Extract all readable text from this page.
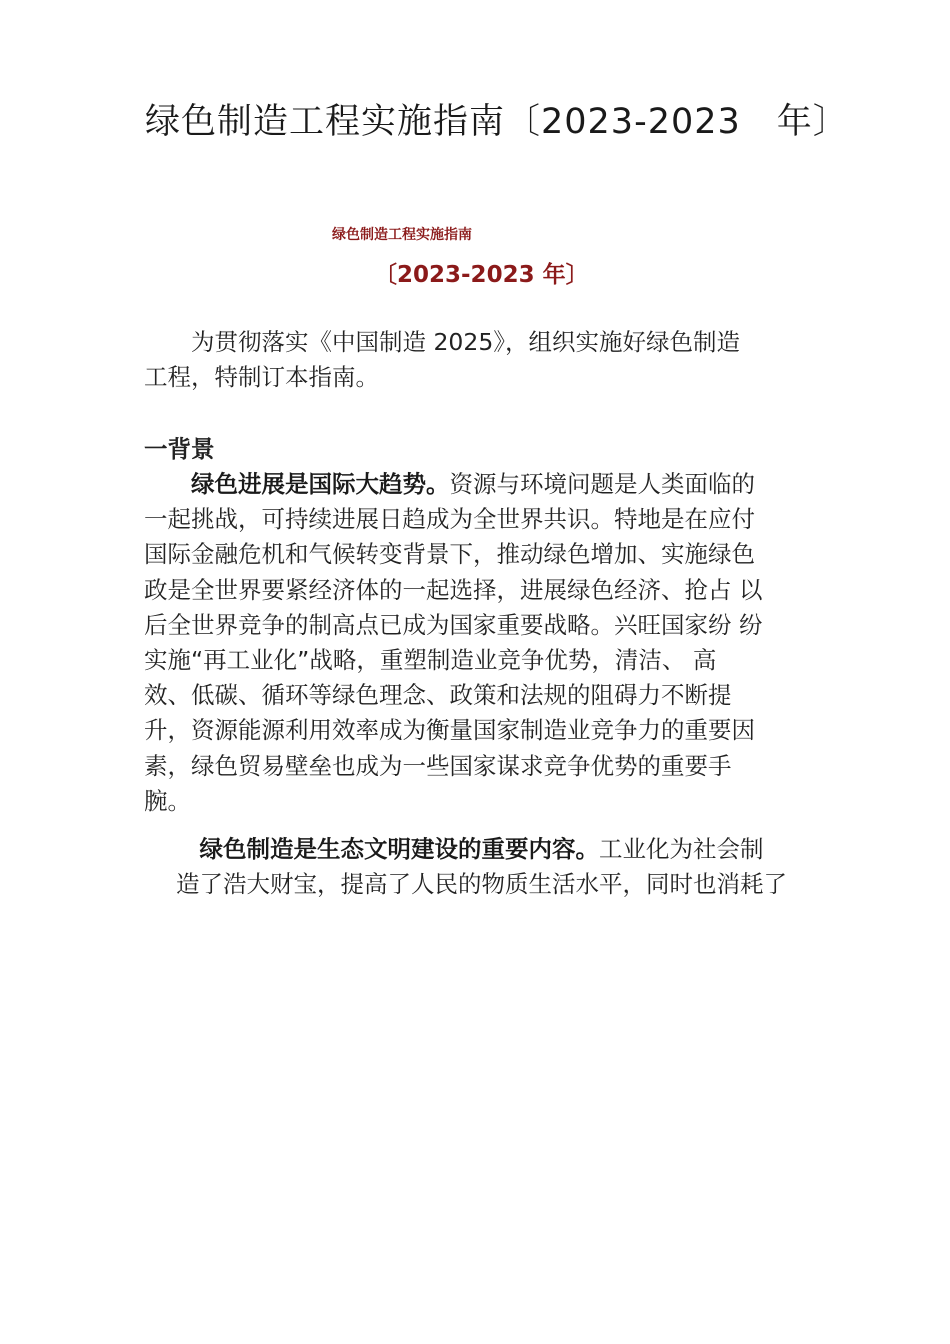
绿色制造工程实施指南〔2023-2023　年〕
绿色制造工程实施指南
〔2023-2023 年〕
　　为贯彻落实《中国制造 2025》，组织实施好绿色制造
工程，特制订本指南。
一背景
　　绿色进展是国际大趋势。资源与环境问题是人类面临的
一起挑战，可持续进展日趋成为全世界共识。特地是在应付
国际金融危机和气候转变背景下，推动绿色增加、实施绿色
政是全世界要紧经济体的一起选择，进展绿色经济、抢占 以
后全世界竞争的制高点已成为国家重要战略。兴旺国家纷 纷
实施“再工业化”战略，重塑制造业竞争优势，清洁、 高
效、低碳、循环等绿色理念、政策和法规的阻碍力不断提
升，资源能源利用效率成为衡量国家制造业竞争力的重要因
素，绿色贸易壁垒也成为一些国家谋求竞争优势的重要手
腕。
　绿色制造是生态文明建设的重要内容。工业化为社会制
造了浩大财宝，提高了人民的物质生活水平，同时也消耗了
